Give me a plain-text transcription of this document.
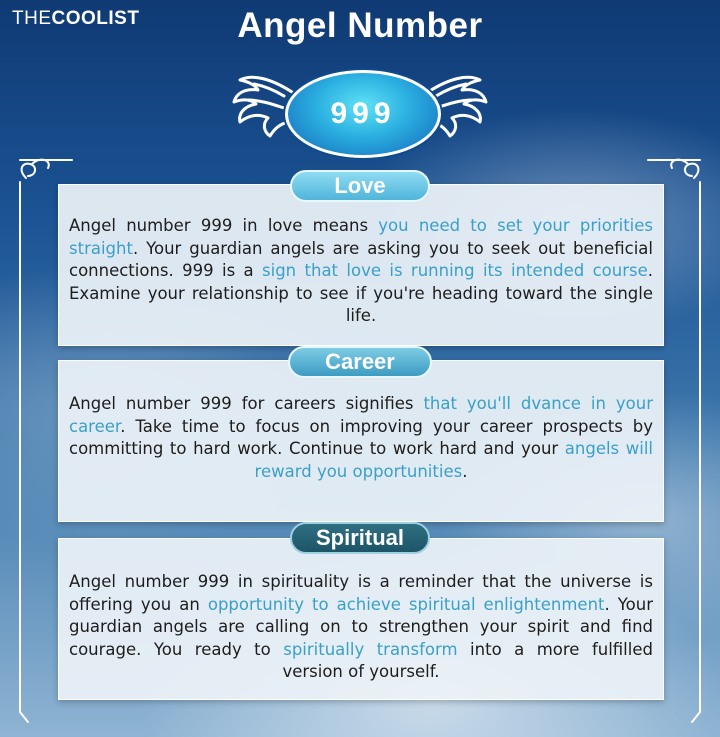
THECOOLIST	Angel Number
999

Angel number 999 in love means you need to set your priorities straight. Your guardian angels are asking you to seek out beneficial connections. 999 is a sign that love is running its intended course. Examine your relationship to see if you're heading toward the single life.

Love

Angel number 999 for careers signifies that you'll dvance in your career. Take time to focus on improving your career prospects by committing to hard work. Continue to work hard and your angels will reward you opportunities.

Career

Angel number 999 in spirituality is a reminder that the universe is offering you an opportunity to achieve spiritual enlightenment. Your guardian angels are calling on to strengthen your spirit and find courage. You ready to spiritually transform into a more fulfilled version of yourself.

Spiritual
